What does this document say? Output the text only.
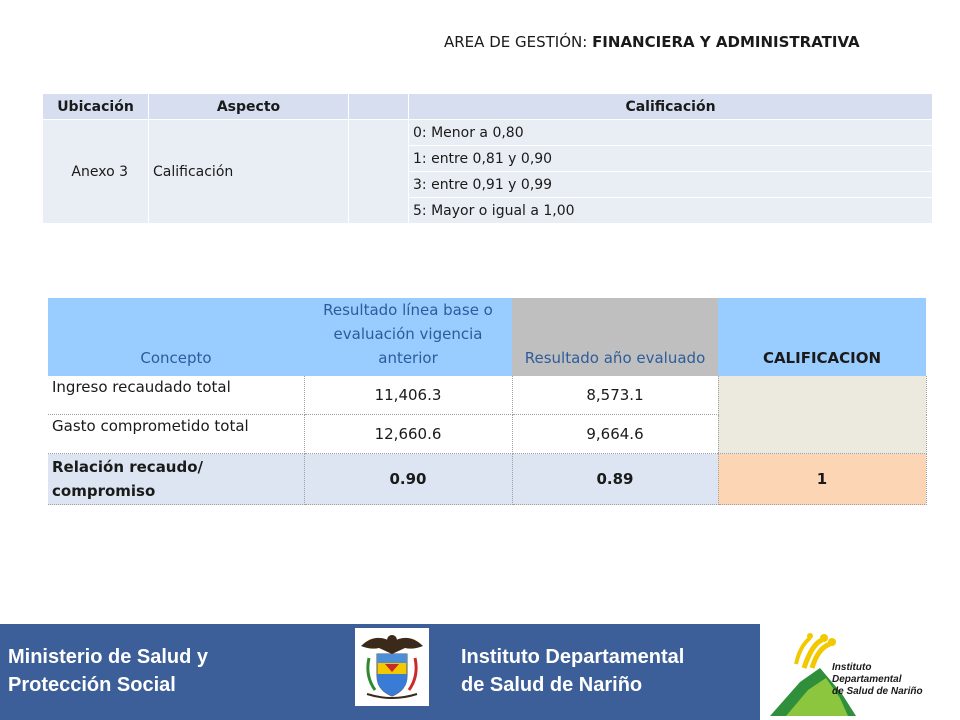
AREA DE GESTIÓN: FINANCIERA Y ADMINISTRATIVA
Ubicación	Aspecto		Calificación
Anexo 3	Calificación		0: Menor a 0,80
			1: entre 0,81 y 0,90
			3: entre 0,91 y 0,99
			5: Mayor o igual a 1,00
Concepto	Resultado línea base o evaluación vigencia anterior	Resultado año evaluado	CALIFICACION
Ingreso recaudado total	11,406.3	8,573.1	
Gasto comprometido total	12,660.6	9,664.6	
Relación recaudo/ compromiso	0.90	0.89	1
Ministerio de Salud y
Protección Social
Instituto Departamental
de Salud de Nariño
Instituto
Departamental
de Salud de Nariño
